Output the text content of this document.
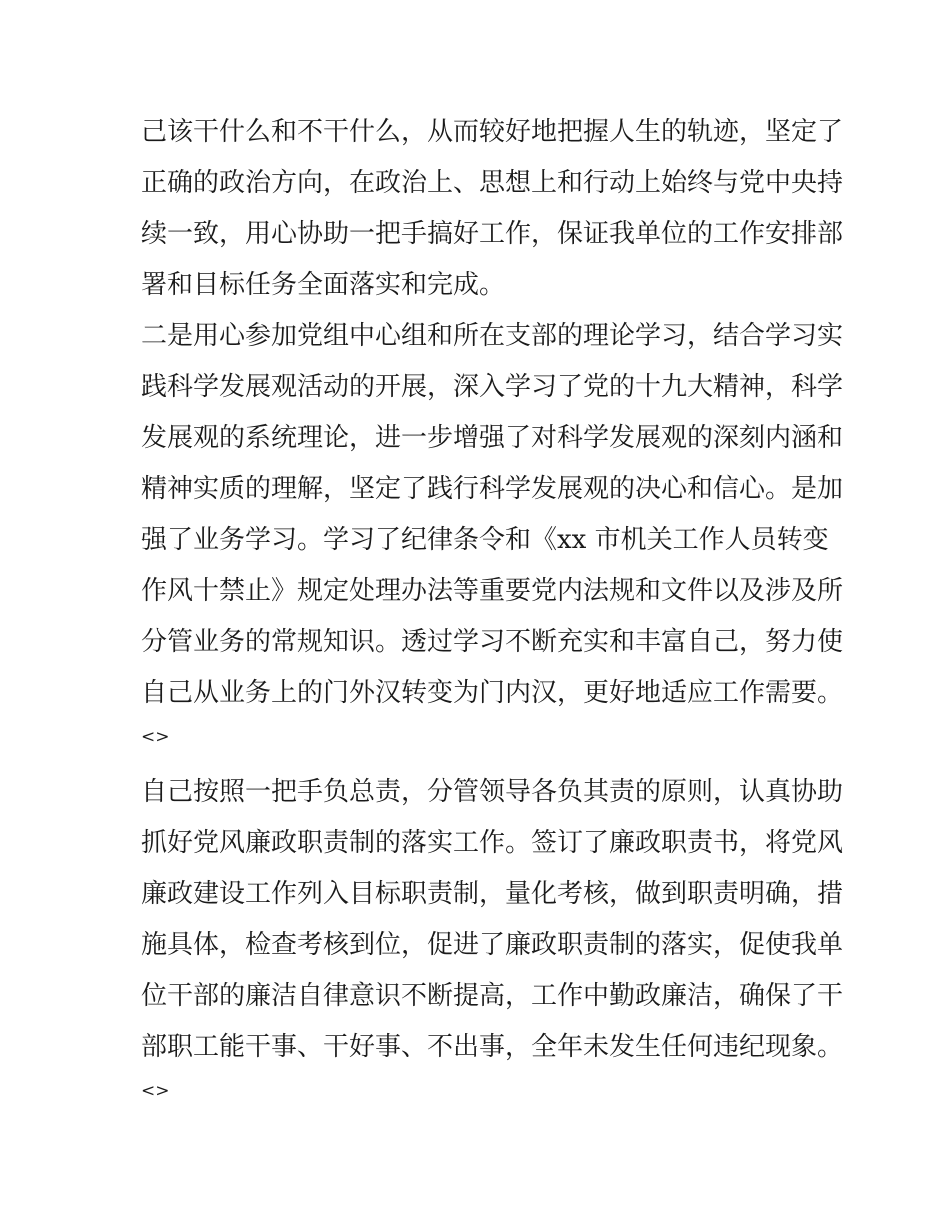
己该干什么和不干什么，从而较好地把握人生的轨迹，坚定了
正确的政治方向，在政治上、思想上和行动上始终与党中央持
续一致，用心协助一把手搞好工作，保证我单位的工作安排部
署和目标任务全面落实和完成。
二是用心参加党组中心组和所在支部的理论学习，结合学习实
践科学发展观活动的开展，深入学习了党的十九大精神，科学
发展观的系统理论，进一步增强了对科学发展观的深刻内涵和
精神实质的理解，坚定了践行科学发展观的决心和信心。是加
强了业务学习。学习了纪律条令和《xx 市机关工作人员转变
作风十禁止》规定处理办法等重要党内法规和文件以及涉及所
分管业务的常规知识。透过学习不断充实和丰富自己，努力使
自己从业务上的门外汉转变为门内汉，更好地适应工作需要。
<>
自己按照一把手负总责，分管领导各负其责的原则，认真协助
抓好党风廉政职责制的落实工作。签订了廉政职责书，将党风
廉政建设工作列入目标职责制，量化考核，做到职责明确，措
施具体，检查考核到位，促进了廉政职责制的落实，促使我单
位干部的廉洁自律意识不断提高，工作中勤政廉洁，确保了干
部职工能干事、干好事、不出事，全年未发生任何违纪现象。
<>
